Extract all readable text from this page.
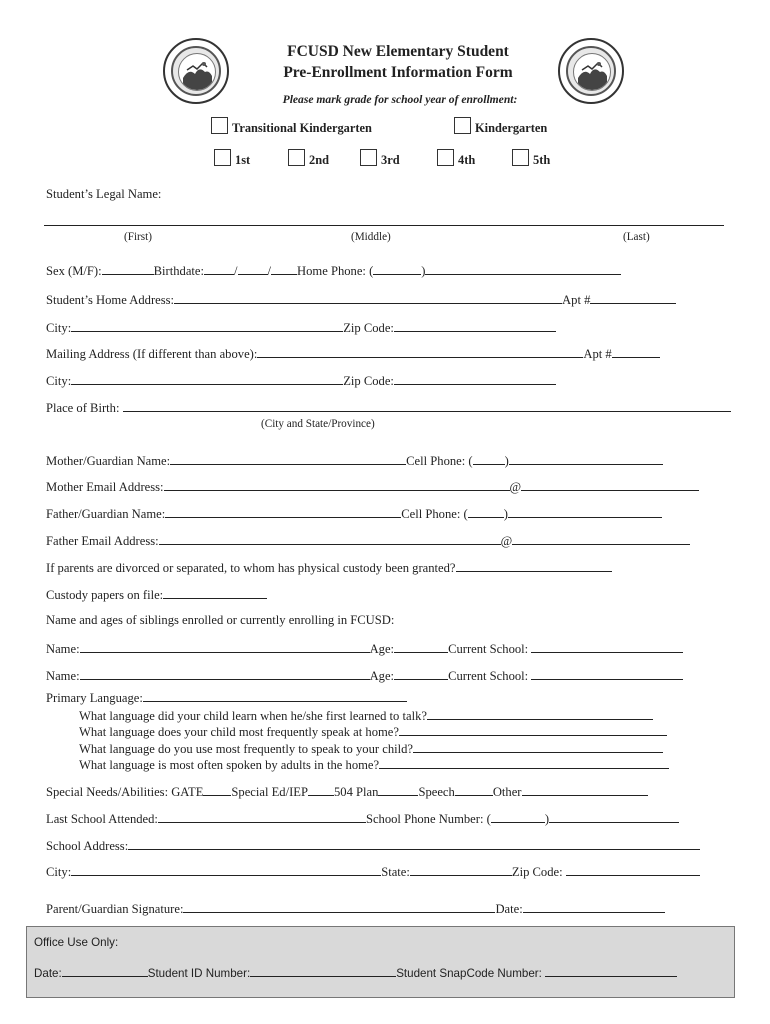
FCUSD New Elementary Student
Pre-Enrollment Information Form
Please mark grade for school year of enrollment:
Transitional Kindergarten	Kindergarten
1st	2nd	3rd	4th	5th
Student’s Legal Name:
(First)	(Middle)	(Last)
Sex (M/F):	Birthdate: / / Home Phone: (	)
Student’s Home Address:	Apt #
City:	Zip Code:
Mailing Address (If different than above):	Apt #
City:	Zip Code:
Place of Birth:
(City and State/Province)
Mother/Guardian Name:	Cell Phone: (	)
Mother Email Address:	@
Father/Guardian Name:	Cell Phone: (	)
Father Email Address:	@
If parents are divorced or separated, to whom has physical custody been granted?
Custody papers on file:
Name and ages of siblings enrolled or currently enrolling in FCUSD:
Name:	Age:	Current School:
Name:	Age:	Current School:
Primary Language:
What language did your child learn when he/she first learned to talk?
What language does your child most frequently speak at home?
What language do you use most frequently to speak to your child?
What language is most often spoken by adults in the home?
Special Needs/Abilities: GATE Special Ed/IEP 504 Plan	Speech	Other
Last School Attended:	School Phone Number: (	)
School Address:
City:	State:	Zip Code:
Parent/Guardian Signature:	Date:
Office Use Only:
Date:	Student ID Number:	Student SnapCode Number:
